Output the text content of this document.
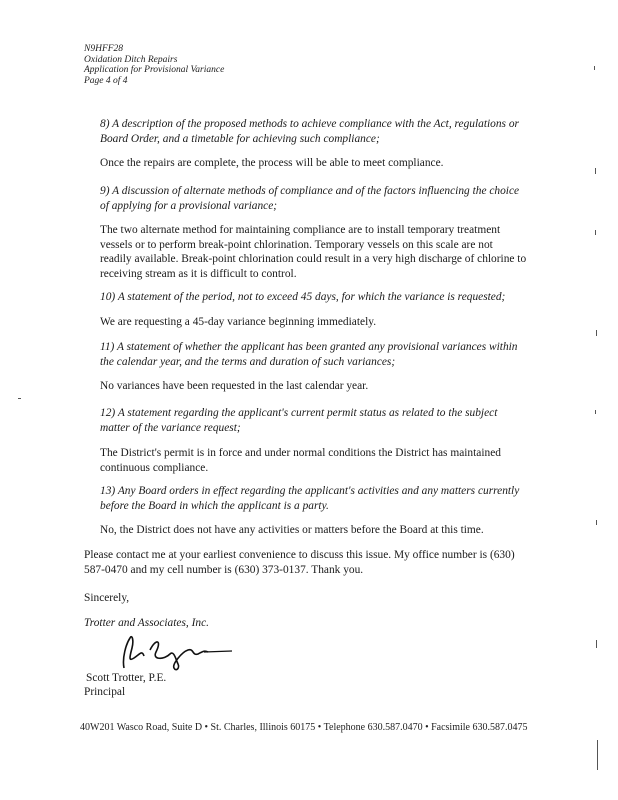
N9HFF28
Oxidation Ditch Repairs
Application for Provisional Variance
Page 4 of 4
8) A description of the proposed methods to achieve compliance with the Act, regulations or
Board Order, and a timetable for achieving such compliance;
Once the repairs are complete, the process will be able to meet compliance.
9) A discussion of alternate methods of compliance and of the factors influencing the choice
of applying for a provisional variance;
The two alternate method for maintaining compliance are to install temporary treatment
vessels or to perform break-point chlorination. Temporary vessels on this scale are not
readily available. Break-point chlorination could result in a very high discharge of chlorine to
receiving stream as it is difficult to control.
10) A statement of the period, not to exceed 45 days, for which the variance is requested;
We are requesting a 45-day variance beginning immediately.
11) A statement of whether the applicant has been granted any provisional variances within
the calendar year, and the terms and duration of such variances;
No variances have been requested in the last calendar year.
12) A statement regarding the applicant's current permit status as related to the subject
matter of the variance request;
The District's permit is in force and under normal conditions the District has maintained
continuous compliance.
13) Any Board orders in effect regarding the applicant's activities and any matters currently
before the Board in which the applicant is a party.
No, the District does not have any activities or matters before the Board at this time.
Please contact me at your earliest convenience to discuss this issue. My office number is (630)
587-0470 and my cell number is (630) 373-0137. Thank you.
Sincerely,
Trotter and Associates, Inc.
Scott Trotter, P.E.
Principal
40W201 Wasco Road, Suite D • St. Charles, Illinois 60175 • Telephone 630.587.0470 • Facsimile 630.587.0475
